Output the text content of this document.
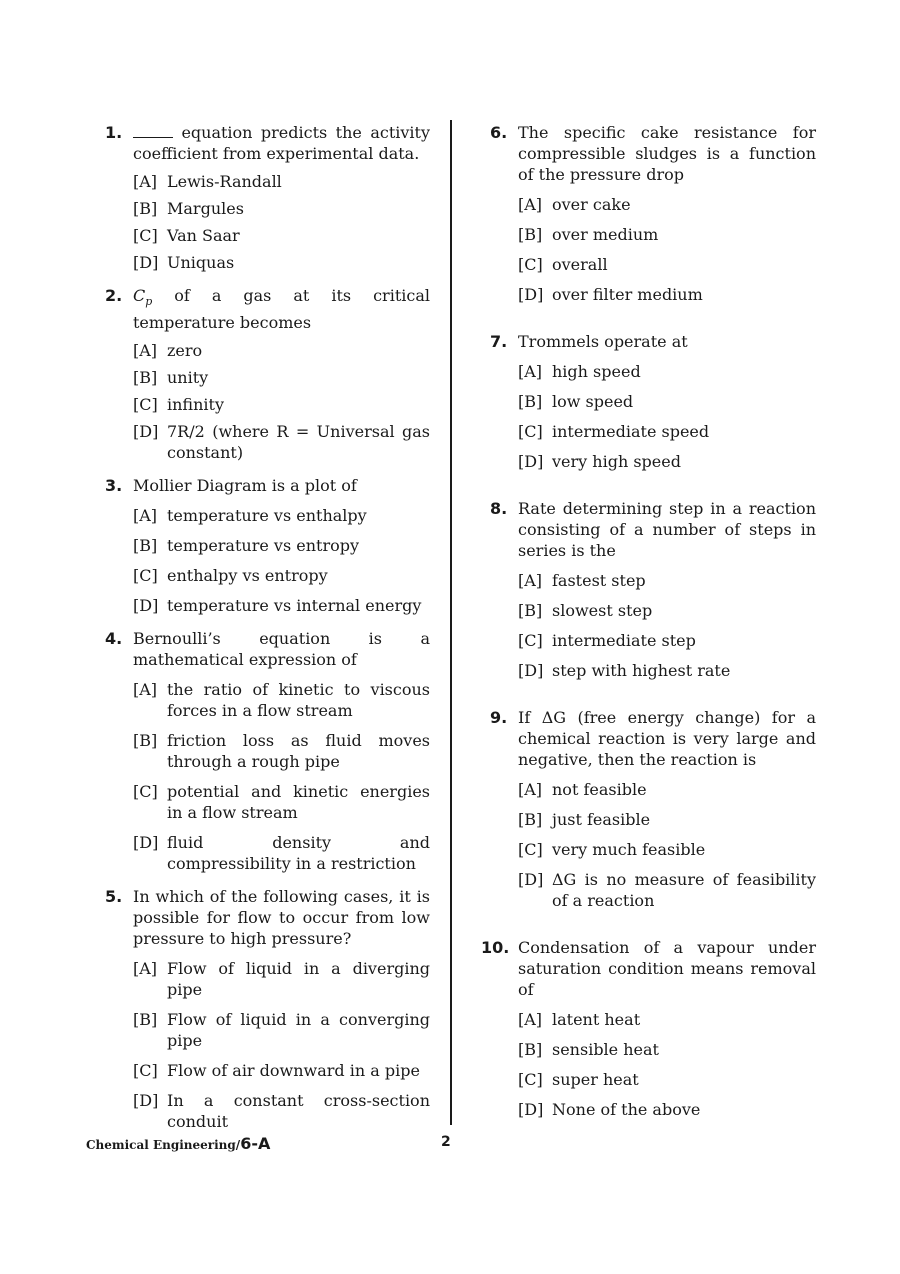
1.	equation predicts the activity coefficient from experimental data.
[A] Lewis-Randall
[B] Margules
[C] Van Saar
[D] Uniquas
2. $C_p$ of a gas at its critical temperature becomes
[A] zero
[B] unity
[C] infinity
[D] 7R/2 (where R = Universal gas constant)
3. Mollier Diagram is a plot of
[A] temperature vs enthalpy
[B] temperature vs entropy
[C] enthalpy vs entropy
[D] temperature vs internal energy
4. Bernoulli’s equation is a mathematical expression of
[A] the ratio of kinetic to viscous forces in a flow stream
[B] friction loss as fluid moves through a rough pipe
[C] potential and kinetic energies in a flow stream
[D] fluid density and compressibility in a restriction
5. In which of the following cases, it is possible for flow to occur from low pressure to high pressure?
[A] Flow of liquid in a diverging pipe
[B] Flow of liquid in a converging pipe
[C] Flow of air downward in a pipe
[D] In a constant cross-section conduit
6. The specific cake resistance for compressible sludges is a function of the pressure drop
[A] over cake
[B] over medium
[C] overall
[D] over filter medium
7. Trommels operate at
[A] high speed
[B] low speed
[C] intermediate speed
[D] very high speed
8. Rate determining step in a reaction consisting of a number of steps in series is the
[A] fastest step
[B] slowest step
[C] intermediate step
[D] step with highest rate
9. If ΔG (free energy change) for a chemical reaction is very large and negative, then the reaction is
[A] not feasible
[B] just feasible
[C] very much feasible
[D] ΔG is no measure of feasibility of a reaction
10. Condensation of a vapour under saturation condition means removal of
[A] latent heat
[B] sensible heat
[C] super heat
[D] None of the above
Chemical Engineering/6-A	2
